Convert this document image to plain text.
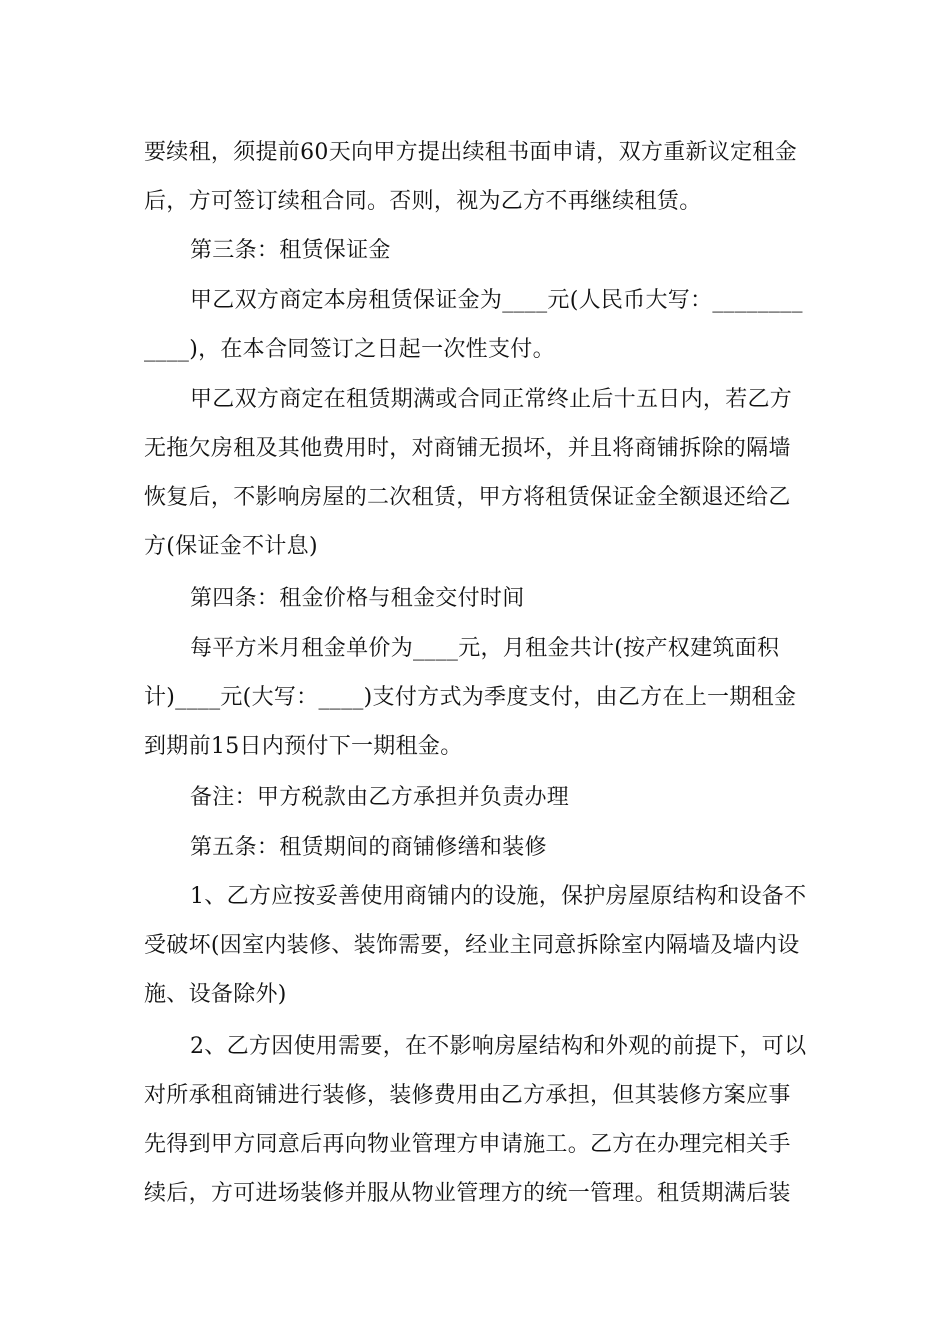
要续租，须提前60天向甲方提出续租书面申请，双方重新议定租金后，方可签订续租合同。否则，视为乙方不再继续租赁。

第三条：租赁保证金

甲乙双方商定本房租赁保证金为____元(人民币大写：____________)，在本合同签订之日起一次性支付。

甲乙双方商定在租赁期满或合同正常终止后十五日内，若乙方无拖欠房租及其他费用时，对商铺无损坏，并且将商铺拆除的隔墙恢复后，不影响房屋的二次租赁，甲方将租赁保证金全额退还给乙方(保证金不计息)

第四条：租金价格与租金交付时间

每平方米月租金单价为____元，月租金共计(按产权建筑面积计)____元(大写：____)支付方式为季度支付，由乙方在上一期租金到期前15日内预付下一期租金。

备注：甲方税款由乙方承担并负责办理

第五条：租赁期间的商铺修缮和装修

1、乙方应按妥善使用商铺内的设施，保护房屋原结构和设备不受破坏(因室内装修、装饰需要，经业主同意拆除室内隔墙及墙内设施、设备除外)

2、乙方因使用需要，在不影响房屋结构和外观的前提下，可以对所承租商铺进行装修，装修费用由乙方承担，但其装修方案应事先得到甲方同意后再向物业管理方申请施工。乙方在办理完相关手续后，方可进场装修并服从物业管理方的统一管理。租赁期满后装
